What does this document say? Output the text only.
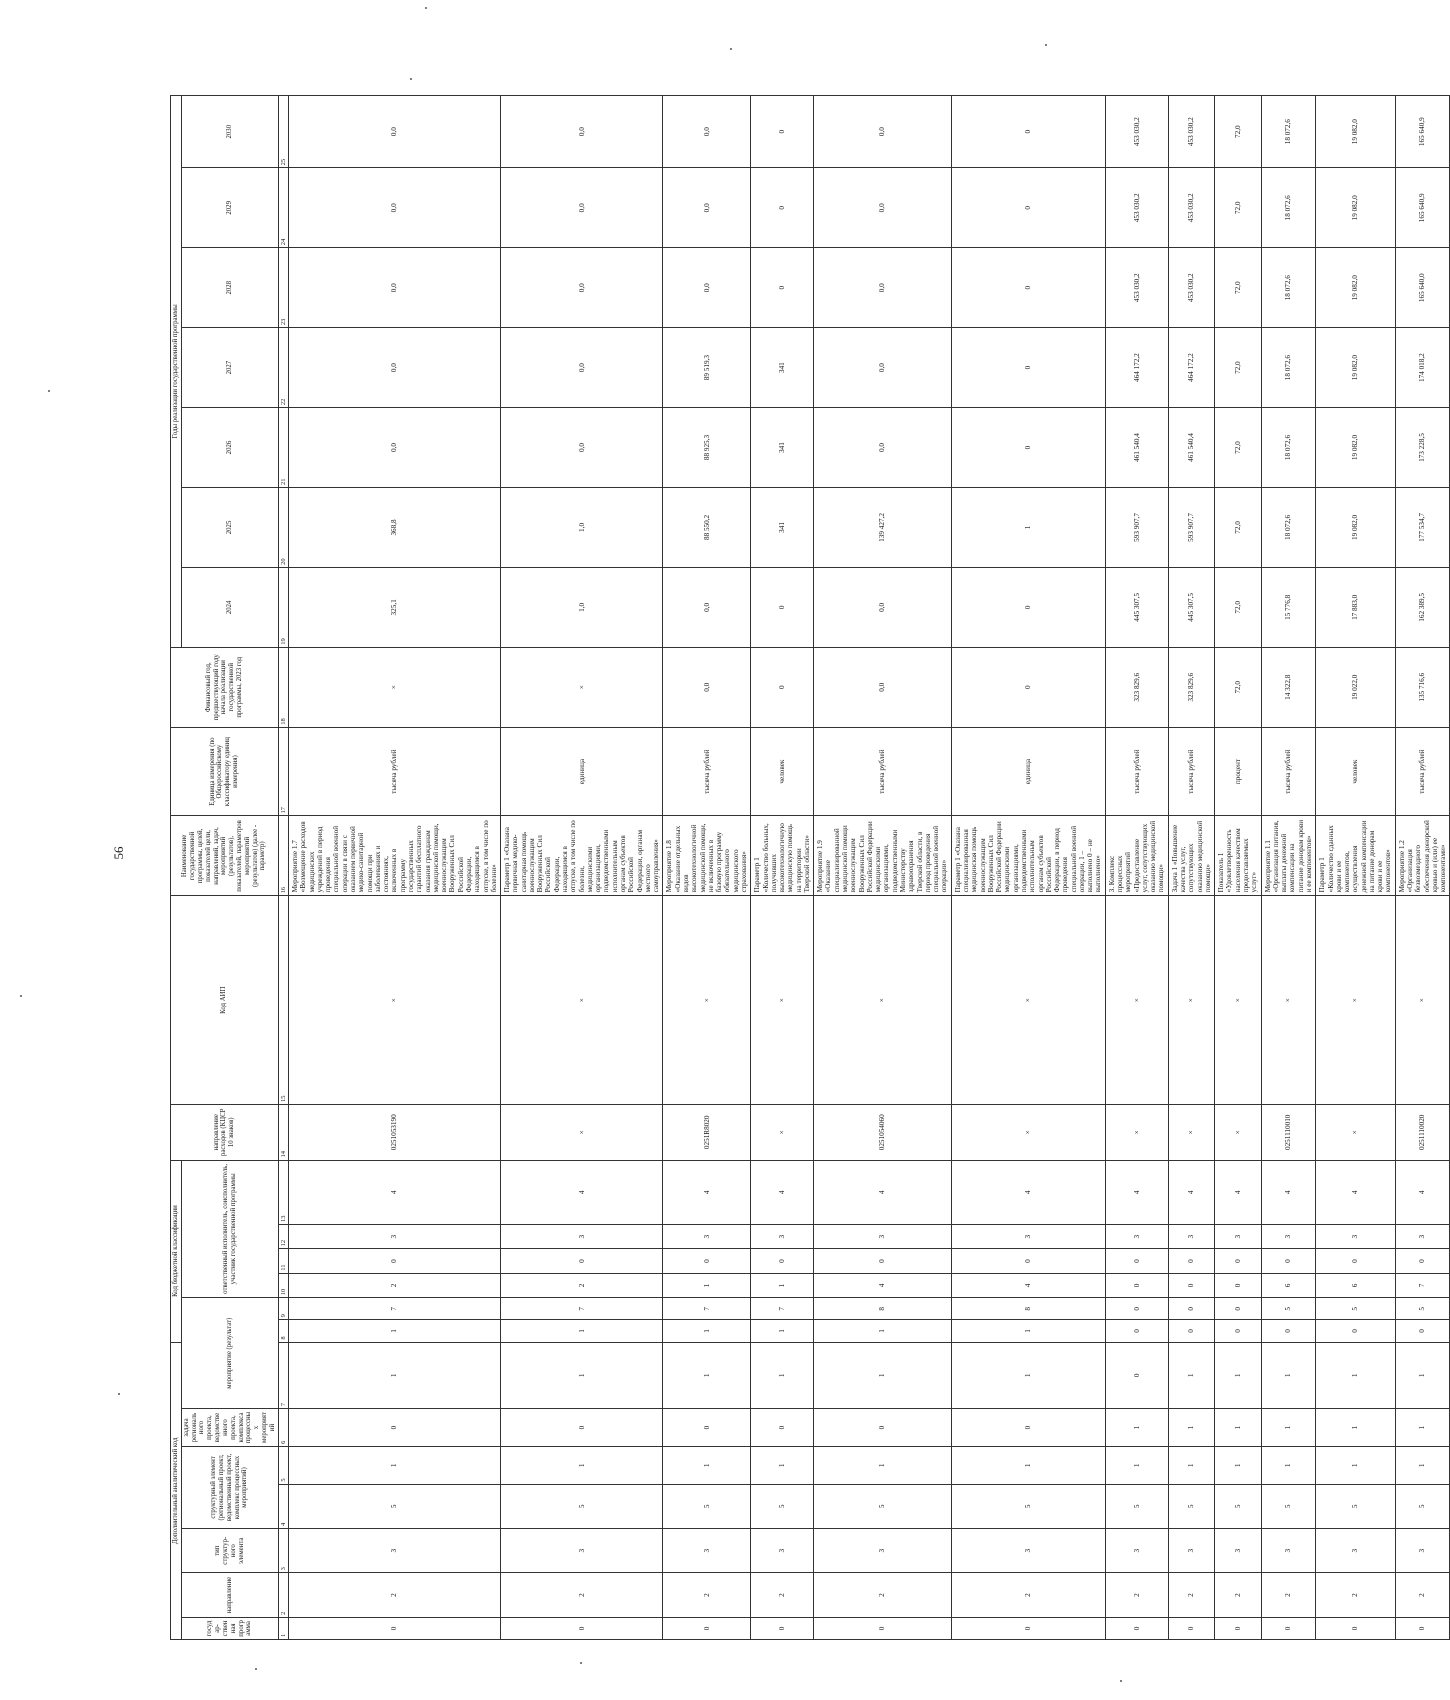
56
Дополнительный аналитический код							Код бюджетной классификации						направление расходов (КЦСР 10 знаков)	Код АИП	Наименование государственной программы, целей, показателей цели, направлений, задач, мероприятий (результатов), показателей, параметров мероприятий (результатов) (далее - параметр)	Единица измерения (по Общероссийскому классификатору единиц измерения)	Финансовый год, предшествующий году начала реализации государственной программы, 2023 год	Годы реализации государственной программы						
государ- ственная программа	направление	тип структур- ного элемента	структурный элемент (региональный проект, ведомственный проект, комплекс процессных мероприятий)		задача регионального проекта, ведомственного проекта, комплекса процессных мероприятий	мероприятие (результат)			ответственный исполнитель, соисполнитель, участник государственной программы									2024	2025	2026	2027	2028	2029	2030

1	2	3	4	5	6	7	8	9	10	11	12	13	14	15	16	17	18	19	20	21	22	23	24	25
0	2	3	5	1	0	1	1	7	2	0	3	4	0251053190	×	Мероприятие 1.7 «Возмещение расходов медицинских учреждений в период проведения специальной военной операции в связи с оказанием первичной медико-санитарной помощи при заболеваниях и состояниях, включенных в программу государственных гарантий бесплатного оказания гражданам медицинской помощи, военнослужащим Вооруженных Сил Российской Федерации, находящимся в отпуске, в том числе по болезни»	тысяча рублей	×	325,1	368,8	0,0	0,0	0,0	0,0	0,0
0	2	3	5	1	0	1	1	7	2	0	3	4	×	×	Параметр 1 «Оказана первичная медико-санитарная помощь военнослужащим Вооруженных Сил Российской Федерации, находящимся в отпуске, в том числе по болезни, медицинскими организациями, подведомственными исполнительным органам субъектов Российской Федерации, органам местного самоуправления»	единица	×	1,0	1,0	0,0	0,0	0,0	0,0	0,0
0	2	3	5	1	0	1	1	7	1	0	3	4	0251R8020	×	Мероприятие 1.8 «Оказание отдельных видов высокотехнологичной медицинской помощи, не включенных в базовую программу обязательного медицинского страхования»	тысяча рублей	0,0	0,0	88 550,2	88 925,3	89 519,3	0,0	0,0	0,0
0	2	3	5	1	0	1	1	7	1	0	3	4	×	×	Параметр 1 «Количество больных, получивших высокотехнологичную медицинскую помощь на территории Тверской области»	человек	0	0	341	341	341	0	0	0
0	2	3	5	1	0	1	1	8	4	0	3	4	0251054060	×	Мероприятие 1.9 «Оказание специализированной медицинской помощи военнослужащим Вооруженных Сил Российской Федерации медицинскими организациями, подведомственными Министерству здравоохранения Тверской области, в период проведения специальной военной операции»	тысяча рублей	0,0	0,0	139 427,2	0,0	0,0	0,0	0,0	0,0
0	2	3	5	1	0	1	1	8	4	0	3	4	×	×	Параметр 1 «Оказана специализированная медицинская помощь военнослужащим Вооруженных Сил Российской Федерации медицинскими организациями, подведомственными исполнительным органам субъектов Российской Федерации, в период проведения специальной военной операции, 1 – выполнено 0 – не выполнено»	единица	0	0	1	0	0	0	0	0
0	2	3	5	1	1	0	0	0	0	0	3	4	×	×	3. Комплекс процессных мероприятий «Предоставление услуг, сопутствующих оказанию медицинской помощи»	тысяча рублей	323 829,6	445 307,5	593 907,7	461 540,4	464 172,2	453 030,2	453 030,2	453 030,2
0	2	3	5	1	1	1	0	0	0	0	3	4	×	×	Задача 1 «Повышение качества услуг, сопутствующих оказанию медицинской помощи»	тысяча рублей	323 829,6	445 307,5	593 907,7	461 540,4	464 172,2	453 030,2	453 030,2	453 030,2
0	2	3	5	1	1	1	0	0	0	0	3	4	×	×	Показатель 1 «Удовлетворенность населения качеством предоставляемых услуг»	процент	72,0	72,0	72,0	72,0	72,0	72,0	72,0	72,0
0	2	3	5	1	1	1	0	5	6	0	3	4	0251110010	×	Мероприятие 1.1 «Организация питания, выплаты денежной компенсации на питание донорам крови и ее компонентов»	тысяча рублей	14 322,8	15 776,8	18 072,6	18 072,6	18 072,6	18 072,6	18 072,6	18 072,6
0	2	3	5	1	1	1	0	5	6	0	3	4	×	×	Параметр 1 «Количество сданных крови и ее компонентов, осуществления денежной компенсации на питание донорам крови и ее компонентов»	человек	19 022,0	17 883,0	19 082,0	19 082,0	19 082,0	19 082,0	19 082,0	19 082,0
0	2	3	5	1	1	1	0	5	7	0	3	4	0251110020	×	Мероприятие 1.2 «Организация безвозмездного обеспечения донорской кровью и (или) ее компонентами»	тысяча рублей	135 716,6	162 389,5	177 534,7	173 228,5	174 018,2	165 640,0	165 640,9	165 640,9
